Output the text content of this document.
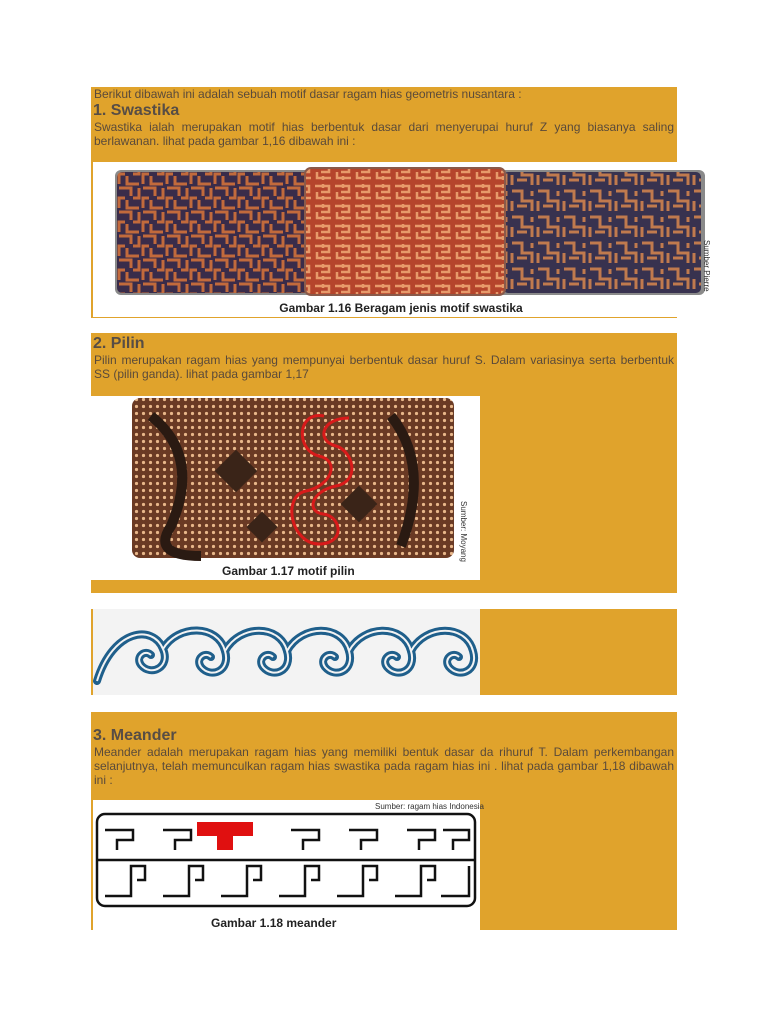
Berikut dibawah ini adalah sebuah motif dasar ragam hias geometris nusantara :
1. Swastika
Swastika ialah merupakan motif hias berbentuk dasar dari menyerupai huruf Z yang biasanya saling berlawanan. lihat pada gambar 1,16 dibawah ini :
Gambar 1.16 Beragam jenis motif swastika
Sumber Pierre
2. Pilin
Pilin merupakan ragam hias yang mempunyai berbentuk dasar huruf S. Dalam variasinya serta berbentuk SS (pilin ganda). lihat pada gambar 1,17
Gambar 1.17 motif pilin
Sumber: Moyang
3. Meander
Meander adalah merupakan ragam hias yang memiliki bentuk dasar da rihuruf T. Dalam perkembangan selanjutnya, telah memunculkan ragam hias swastika pada ragam hias ini . lihat pada gambar 1,18 dibawah ini :
Sumber: ragam hias Indonesia
Gambar 1.18 meander
